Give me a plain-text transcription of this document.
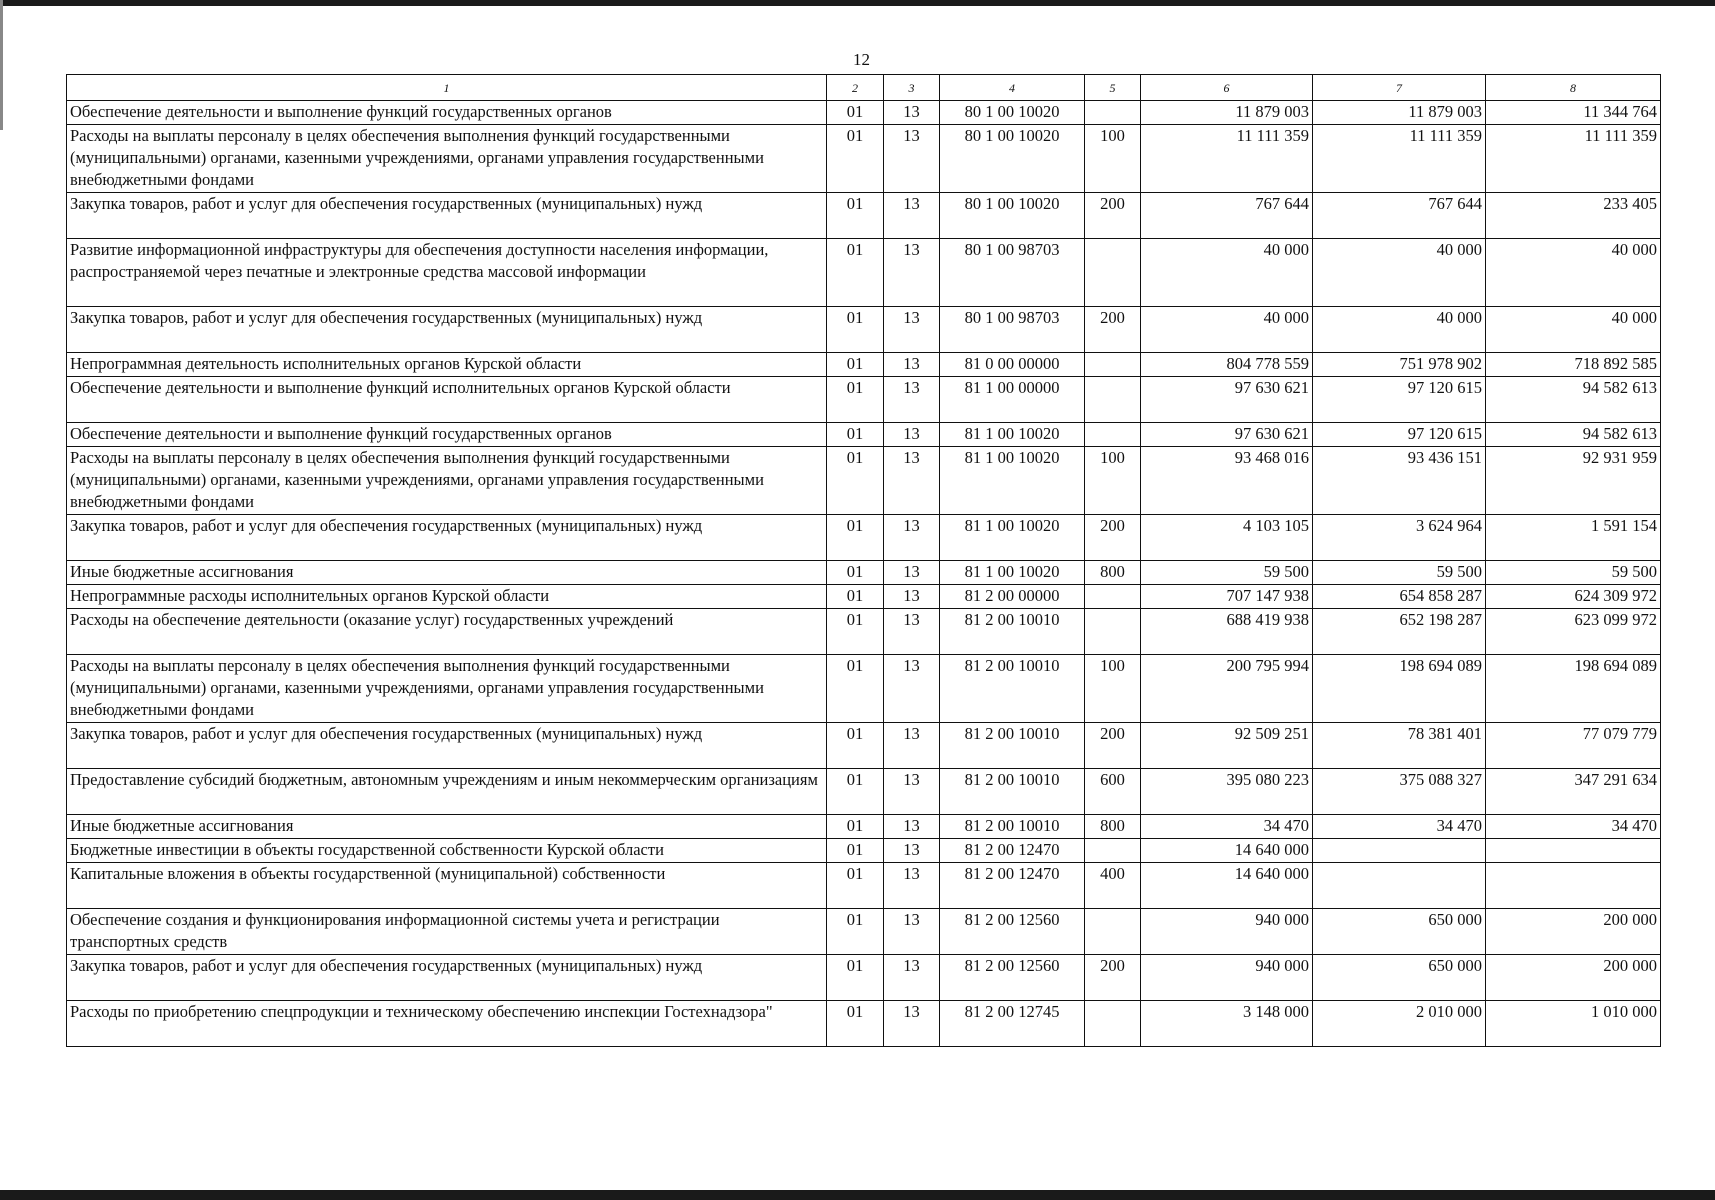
12
1	2	3	4	5	6	7	8
Обеспечение деятельности и выполнение функций государственных органов	01	13	80 1 00 10020		11 879 003	11 879 003	11 344 764
Расходы на выплаты персоналу в целях обеспечения выполнения функций государственными (муниципальными) органами, казенными учреждениями, органами управления государственными внебюджетными фондами	01	13	80 1 00 10020	100	11 111 359	11 111 359	11 111 359
Закупка товаров, работ и услуг для обеспечения государственных (муниципальных) нужд	01	13	80 1 00 10020	200	767 644	767 644	233 405
Развитие информационной инфраструктуры для обеспечения доступности населения информации, распространяемой через печатные и электронные средства массовой информации	01	13	80 1 00 98703		40 000	40 000	40 000
Закупка товаров, работ и услуг для обеспечения государственных (муниципальных) нужд	01	13	80 1 00 98703	200	40 000	40 000	40 000
Непрограммная деятельность исполнительных органов Курской области	01	13	81 0 00 00000		804 778 559	751 978 902	718 892 585
Обеспечение деятельности и выполнение функций исполнительных органов Курской области	01	13	81 1 00 00000		97 630 621	97 120 615	94 582 613
Обеспечение деятельности и выполнение функций государственных органов	01	13	81 1 00 10020		97 630 621	97 120 615	94 582 613
Расходы на выплаты персоналу в целях обеспечения выполнения функций государственными (муниципальными) органами, казенными учреждениями, органами управления государственными внебюджетными фондами	01	13	81 1 00 10020	100	93 468 016	93 436 151	92 931 959
Закупка товаров, работ и услуг для обеспечения государственных (муниципальных) нужд	01	13	81 1 00 10020	200	4 103 105	3 624 964	1 591 154
Иные бюджетные ассигнования	01	13	81 1 00 10020	800	59 500	59 500	59 500
Непрограммные расходы исполнительных органов Курской области	01	13	81 2 00 00000		707 147 938	654 858 287	624 309 972
Расходы на обеспечение деятельности (оказание услуг) государственных учреждений	01	13	81 2 00 10010		688 419 938	652 198 287	623 099 972
Расходы на выплаты персоналу в целях обеспечения выполнения функций государственными (муниципальными) органами, казенными учреждениями, органами управления государственными внебюджетными фондами	01	13	81 2 00 10010	100	200 795 994	198 694 089	198 694 089
Закупка товаров, работ и услуг для обеспечения государственных (муниципальных) нужд	01	13	81 2 00 10010	200	92 509 251	78 381 401	77 079 779
Предоставление субсидий бюджетным, автономным учреждениям и иным некоммерческим организациям	01	13	81 2 00 10010	600	395 080 223	375 088 327	347 291 634
Иные бюджетные ассигнования	01	13	81 2 00 10010	800	34 470	34 470	34 470
Бюджетные инвестиции в объекты государственной собственности Курской области	01	13	81 2 00 12470		14 640 000		
Капитальные вложения в объекты государственной (муниципальной) собственности	01	13	81 2 00 12470	400	14 640 000		
Обеспечение создания и функционирования информационной системы учета и регистрации транспортных средств	01	13	81 2 00 12560		940 000	650 000	200 000
Закупка товаров, работ и услуг для обеспечения государственных (муниципальных) нужд	01	13	81 2 00 12560	200	940 000	650 000	200 000
Расходы по приобретению спецпродукции и техническому обеспечению инспекции Гостехнадзора"	01	13	81 2 00 12745		3 148 000	2 010 000	1 010 000
